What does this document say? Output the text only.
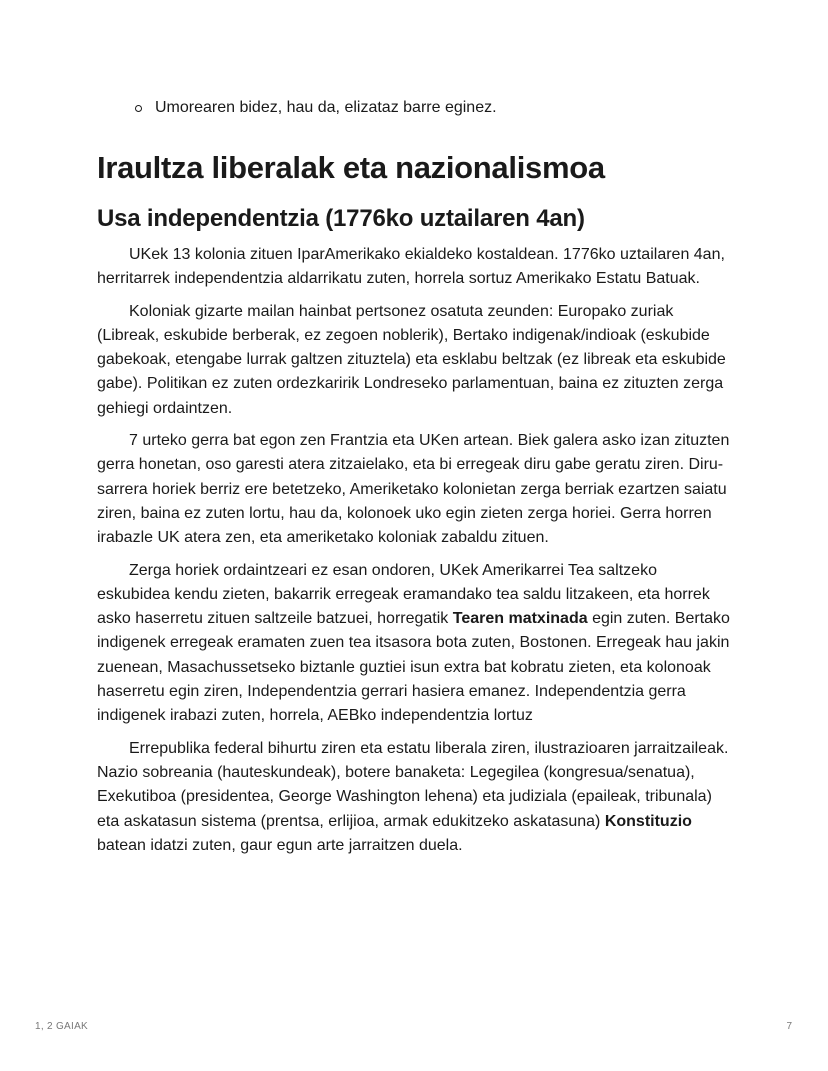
Umorearen bidez, hau da, elizataz barre eginez.
Iraultza liberalak eta nazionalismoa
Usa independentzia (1776ko uztailaren 4an)

UKek 13 kolonia zituen IparAmerikako ekialdeko kostaldean. 1776ko uztailaren 4an, herritarrek independentzia aldarrikatu zuten, horrela sortuz Amerikako Estatu Batuak.

Koloniak gizarte mailan hainbat pertsonez osatuta zeunden: Europako zuriak (Libreak, eskubide berberak, ez zegoen noblerik), Bertako indigenak/indioak (eskubide gabekoak, etengabe lurrak galtzen zituztela) eta esklabu beltzak (ez libreak eta eskubide gabe). Politikan ez zuten ordezkaririk Londreseko parlamentuan, baina ez zituzten zerga gehiegi ordaintzen.

7 urteko gerra bat egon zen Frantzia eta UKen artean. Biek galera asko izan zituzten gerra honetan, oso garesti atera zitzaielako, eta bi erregeak diru gabe geratu ziren. Diru-sarrera horiek berriz ere betetzeko, Ameriketako kolonietan zerga berriak ezartzen saiatu ziren, baina ez zuten lortu, hau da, kolonoek uko egin zieten zerga horiei. Gerra horren irabazle UK atera zen, eta ameriketako koloniak zabaldu zituen.

Zerga horiek ordaintzeari ez esan ondoren, UKek Amerikarrei Tea saltzeko eskubidea kendu zieten, bakarrik erregeak eramandako tea saldu litzakeen, eta horrek asko haserretu zituen saltzeile batzuei, horregatik Tearen matxinada egin zuten. Bertako indigenek erregeak eramaten zuen tea itsasora bota zuten, Bostonen. Erregeak hau jakin zuenean, Masachussetseko biztanle guztiei isun extra bat kobratu zieten, eta kolonoak haserretu egin ziren, Independentzia gerrari hasiera emanez. Independentzia gerra indigenek irabazi zuten, horrela, AEBko independentzia lortuz

Errepublika federal bihurtu ziren eta estatu liberala ziren, ilustrazioaren jarraitzaileak. Nazio sobreania (hauteskundeak), botere banaketa: Legegilea (kongresua/senatua), Exekutiboa (presidentea, George Washington lehena) eta judiziala (epaileak, tribunala) eta askatasun sistema (prentsa, erlijioa, armak edukitzeko askatasuna) Konstituzio batean idatzi zuten, gaur egun arte jarraitzen duela.

1, 2 GAIAK	7
